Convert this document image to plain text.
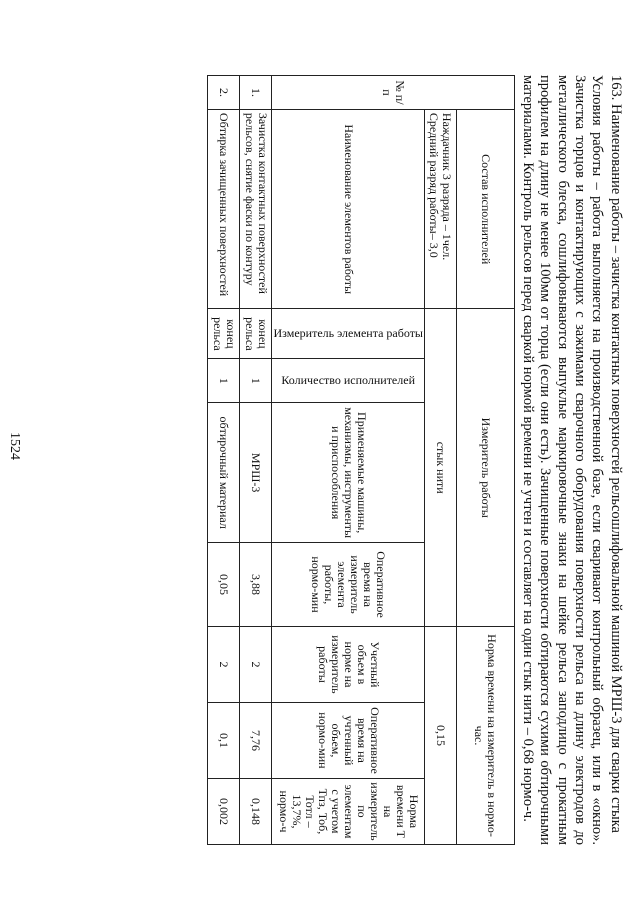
1524	163. Наименование работы – зачистка контактных поверхностей рельсошлифовальной машиной МРШ-3 для сварки стыка

Условия работы – работа выполняется на производственной базе, если сваривают контрольный образец, или в «окно». Зачистка торцов и контактирующих с зажимами сварочного оборудования поверхности рельса на длину электродов до металлического блеска, сошлифовываются выпуклые маркировочные знаки на шейке рельса заподлицо с прокатным профилем на длину не менее 100мм от торца (если они есть). Зачищенные поверхности обтираются сухими обтирочными материалами. Контроль рельсов перед сваркой нормой времени не учтен и составляет на один стык нити – 0,68 нормо-ч.

№ п/п	Состав исполнителей	Измеритель работы				Норма времени на измеритель в нормо-час.		
	Наждачник 3 разряда – 1чел. Средний разряд работы– 3,0	стык нити				0,15		
	Наименование элементов работы	Измеритель элемента работы	Количество исполнителей	Применяемые машины, механизмы, инструменты и приспособления	Оперативное время на измеритель элемента работы, нормо-мин	Учетный объем в норме на измеритель работы	Оперативное время на учтенный объем, нормо-мин	Норма времени Т на измеритель по элементам с учетом Тпз, Тоб, Тотл – 13,7%, нормо-ч
1.	Зачистка контактных поверхностей рельсов, снятие фаски по контуру	конец рельса	1	МРШ-3	3,88	2	7,76	0,148
2.	Обтирка зачищенных поверхностей	конец рельса	1	обтирочный материал	0,05	2	0,1	0,002
